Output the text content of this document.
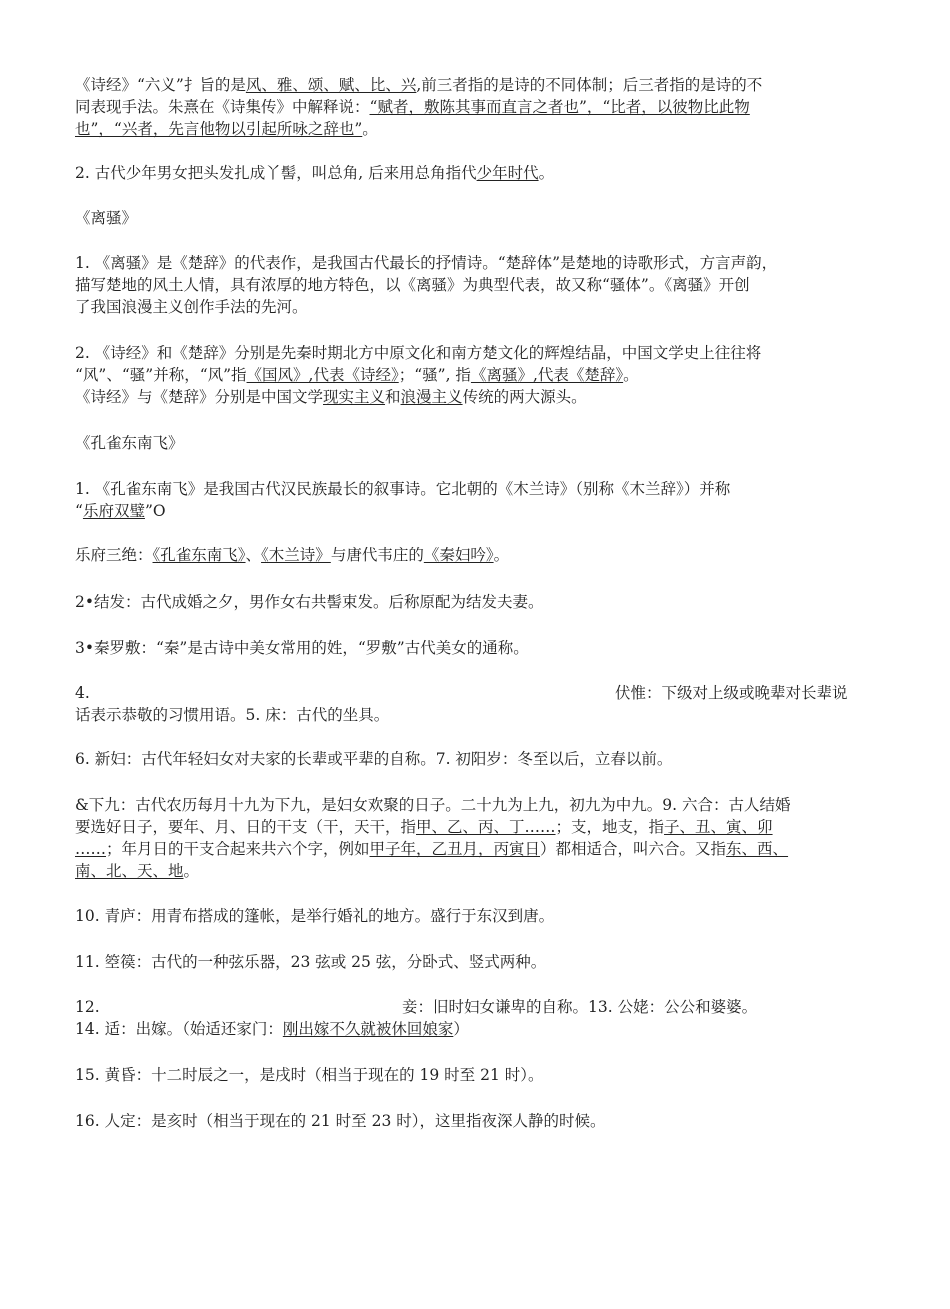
《诗经》“六义”扌旨的是风、雅、颂、赋、比、兴,前三者指的是诗的不同体制；后三者指的是诗的不
同表现手法。朱熹在《诗集传》中解释说：“赋者，敷陈其事而直言之者也”，“比者，以彼物比此物
也”，“兴者，先言他物以引起所咏之辞也”。
2. 古代少年男女把头发扎成丫髻，叫总角, 后来用总角指代少年时代。
《离骚》
1. 《离骚》是《楚辞》的代表作，是我国古代最长的抒情诗。“楚辞体”是楚地的诗歌形式，方言声韵，
描写楚地的风土人情，具有浓厚的地方特色，以《离骚》为典型代表，故又称“骚体”。《离骚》开创
了我国浪漫主义创作手法的先河。
2. 《诗经》和《楚辞》分别是先秦时期北方中原文化和南方楚文化的辉煌结晶，中国文学史上往往将
“风”、“骚”并称，“风”指《国风》,代表《诗经》；“骚”, 指《离骚》,代表《楚辞》。
《诗经》与《楚辞》分别是中国文学现实主义和浪漫主义传统的两大源头。
《孔雀东南飞》
1. 《孔雀东南飞》是我国古代汉民族最长的叙事诗。它北朝的《木兰诗》（别称《木兰辞》）并称
“乐府双璧”O
乐府三绝：《孔雀东南飞》、《木兰诗》与唐代韦庄的《秦妇吟》。
2•结发：古代成婚之夕，男作女右共髻束发。后称原配为结发夫妻。
3•秦罗敷：“秦”是古诗中美女常用的姓，“罗敷”古代美女的通称。
4.	伏惟：下级对上级或晚辈对长辈说
话表示恭敬的习惯用语。5. 床：古代的坐具。
6. 新妇：古代年轻妇女对夫家的长辈或平辈的自称。7. 初阳岁：冬至以后，立春以前。
&下九：古代农历每月十九为下九，是妇女欢聚的日子。二十九为上九，初九为中九。9. 六合：古人结婚
要选好日子，要年、月、日的干支（干，天干，指甲、乙、丙、丁……；支，地支，指子、丑、寅、卯
……；年月日的干支合起来共六个字，例如甲子年，乙丑月，丙寅日）都相适合，叫六合。又指东、西、
南、北、天、地。
10. 青庐：用青布搭成的篷帐，是举行婚礼的地方。盛行于东汉到唐。
11. 箜篌：古代的一种弦乐器，23 弦或 25 弦，分卧式、竖式两种。
12.	妾：旧时妇女谦卑的自称。13. 公姥：公公和婆婆。
14. 适：出嫁。（始适还家门：刚出嫁不久就被休回娘家）
15. 黄昏：十二时辰之一，是戌时（相当于现在的 19 时至 21 时）。
16. 人定：是亥时（相当于现在的 21 时至 23 时），这里指夜深人静的时候。
